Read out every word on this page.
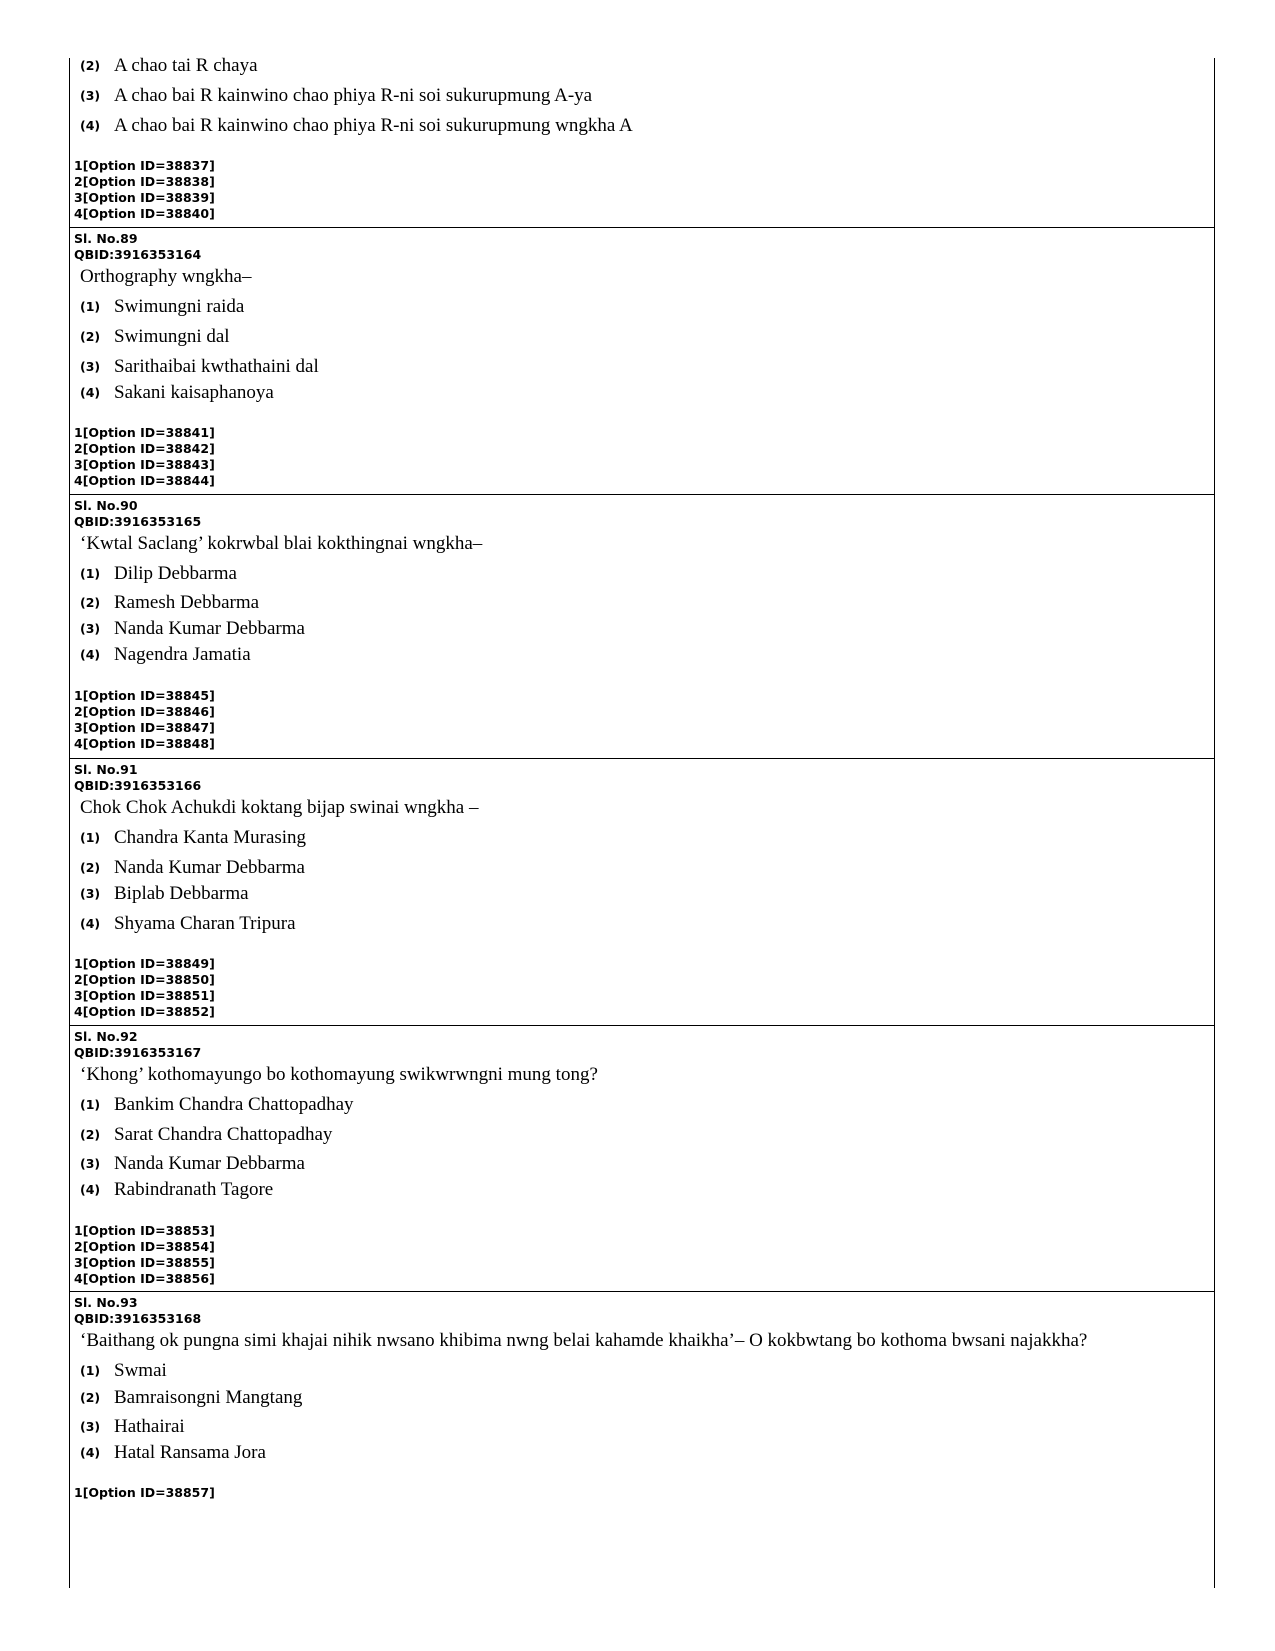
(2) A chao tai R chaya
(3) A chao bai R kainwino chao phiya R-ni soi sukurupmung A-ya
(4) A chao bai R kainwino chao phiya R-ni soi sukurupmung wngkha A
1[Option ID=38837]
2[Option ID=38838]
3[Option ID=38839]
4[Option ID=38840]
Sl. No.89
QBID:3916353164
Orthography wngkha–
(1) Swimungni raida
(2) Swimungni dal
(3) Sarithaibai kwthathaini dal
(4) Sakani kaisaphanoya
1[Option ID=38841]
2[Option ID=38842]
3[Option ID=38843]
4[Option ID=38844]
Sl. No.90
QBID:3916353165
‘Kwtal Saclang’ kokrwbal blai kokthingnai wngkha–
(1) Dilip Debbarma
(2) Ramesh Debbarma
(3) Nanda Kumar Debbarma
(4) Nagendra Jamatia
1[Option ID=38845]
2[Option ID=38846]
3[Option ID=38847]
4[Option ID=38848]
Sl. No.91
QBID:3916353166
Chok Chok Achukdi koktang bijap swinai wngkha –
(1) Chandra Kanta Murasing
(2) Nanda Kumar Debbarma
(3) Biplab Debbarma
(4) Shyama Charan Tripura
1[Option ID=38849]
2[Option ID=38850]
3[Option ID=38851]
4[Option ID=38852]
Sl. No.92
QBID:3916353167
‘Khong’ kothomayungo bo kothomayung swikwrwngni mung tong?
(1) Bankim Chandra Chattopadhay
(2) Sarat Chandra Chattopadhay
(3) Nanda Kumar Debbarma
(4) Rabindranath Tagore
1[Option ID=38853]
2[Option ID=38854]
3[Option ID=38855]
4[Option ID=38856]
Sl. No.93
QBID:3916353168
‘Baithang ok pungna simi khajai nihik nwsano khibima nwng belai kahamde khaikha’– O kokbwtang bo kothoma bwsani najakkha?
(1) Swmai
(2) Bamraisongni Mangtang
(3) Hathairai
(4) Hatal Ransama Jora
1[Option ID=38857]
